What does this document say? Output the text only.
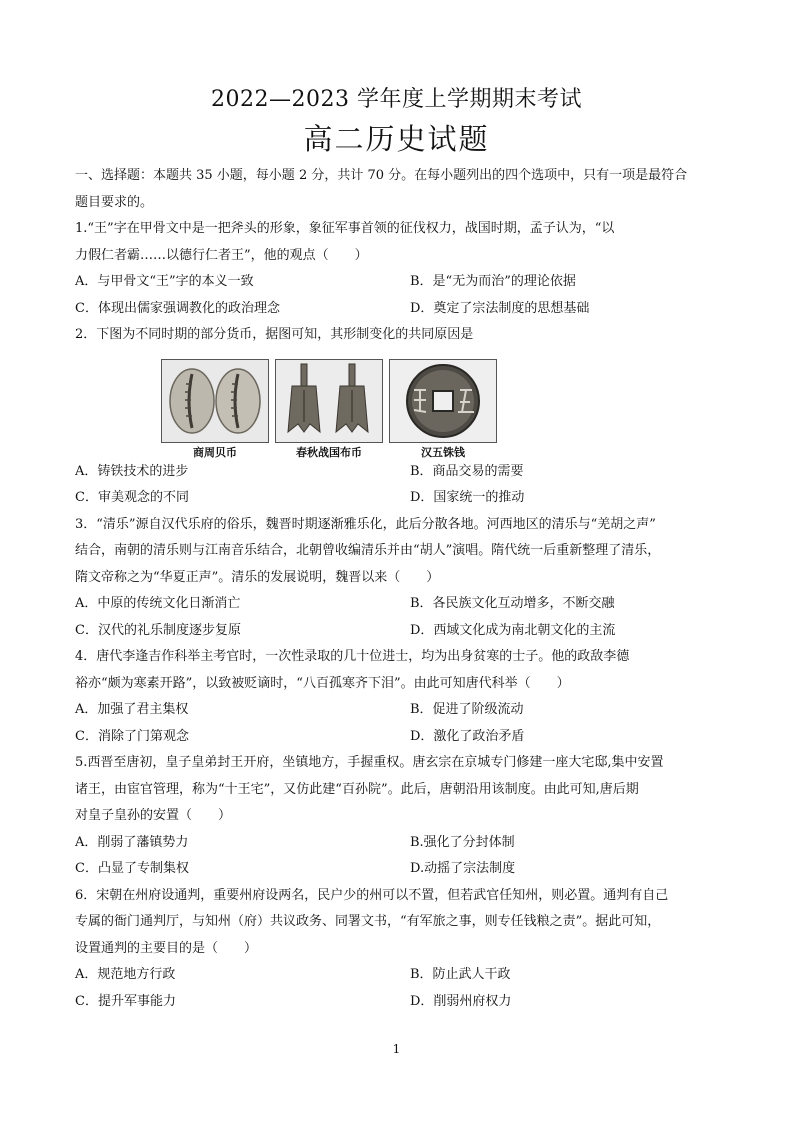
2022—2023 学年度上学期期末考试
高二历史试题
一、选择题：本题共 35 小题，每小题 2 分，共计 70 分。在每小题列出的四个选项中，只有一项是最符合
题目要求的。
1.“王”字在甲骨文中是一把斧头的形象，象征军事首领的征伐权力，战国时期，孟子认为，“以
力假仁者霸……以德行仁者王”，他的观点（　　）
A．与甲骨文“王”字的本义一致	B．是“无为而治”的理论依据
C．体现出儒家强调教化的政治理念	D．奠定了宗法制度的思想基础
2．下图为不同时期的部分货币，据图可知，其形制变化的共同原因是
商周贝币	春秋战国布币	汉五铢钱
A．铸铁技术的进步	B．商品交易的需要
C．审美观念的不同	D．国家统一的推动
3．“清乐”源自汉代乐府的俗乐，魏晋时期逐渐雅乐化，此后分散各地。河西地区的清乐与“羌胡之声”
结合，南朝的清乐则与江南音乐结合，北朝曾收编清乐并由“胡人”演唱。隋代统一后重新整理了清乐，
隋文帝称之为“华夏正声”。清乐的发展说明，魏晋以来（　　）
A．中原的传统文化日渐消亡	B．各民族文化互动增多，不断交融
C．汉代的礼乐制度逐步复原	D．西域文化成为南北朝文化的主流
4．唐代李逢吉作科举主考官时，一次性录取的几十位进士，均为出身贫寒的士子。他的政敌李德
裕亦“颇为寒素开路”，以致被贬谪时，“八百孤寒齐下泪”。由此可知唐代科举（　　）
A．加强了君主集权	B．促进了阶级流动
C．消除了门第观念	D．激化了政治矛盾
5.西晋至唐初，皇子皇弟封王开府，坐镇地方，手握重权。唐玄宗在京城专门修建一座大宅邸,集中安置
诸王，由宦官管理，称为“十王宅”，又仿此建“百孙院”。此后，唐朝沿用该制度。由此可知,唐后期
对皇子皇孙的安置（　　）
A．削弱了藩镇势力	B.强化了分封体制
C．凸显了专制集权	D.动摇了宗法制度
6．宋朝在州府设通判，重要州府设两名，民户少的州可以不置，但若武官任知州，则必置。通判有自己
专属的衙门通判厅，与知州（府）共议政务、同署文书，“有军旅之事，则专任钱粮之责”。据此可知，
设置通判的主要目的是（　　）
A．规范地方行政	B．防止武人干政
C．提升军事能力	D．削弱州府权力
1
